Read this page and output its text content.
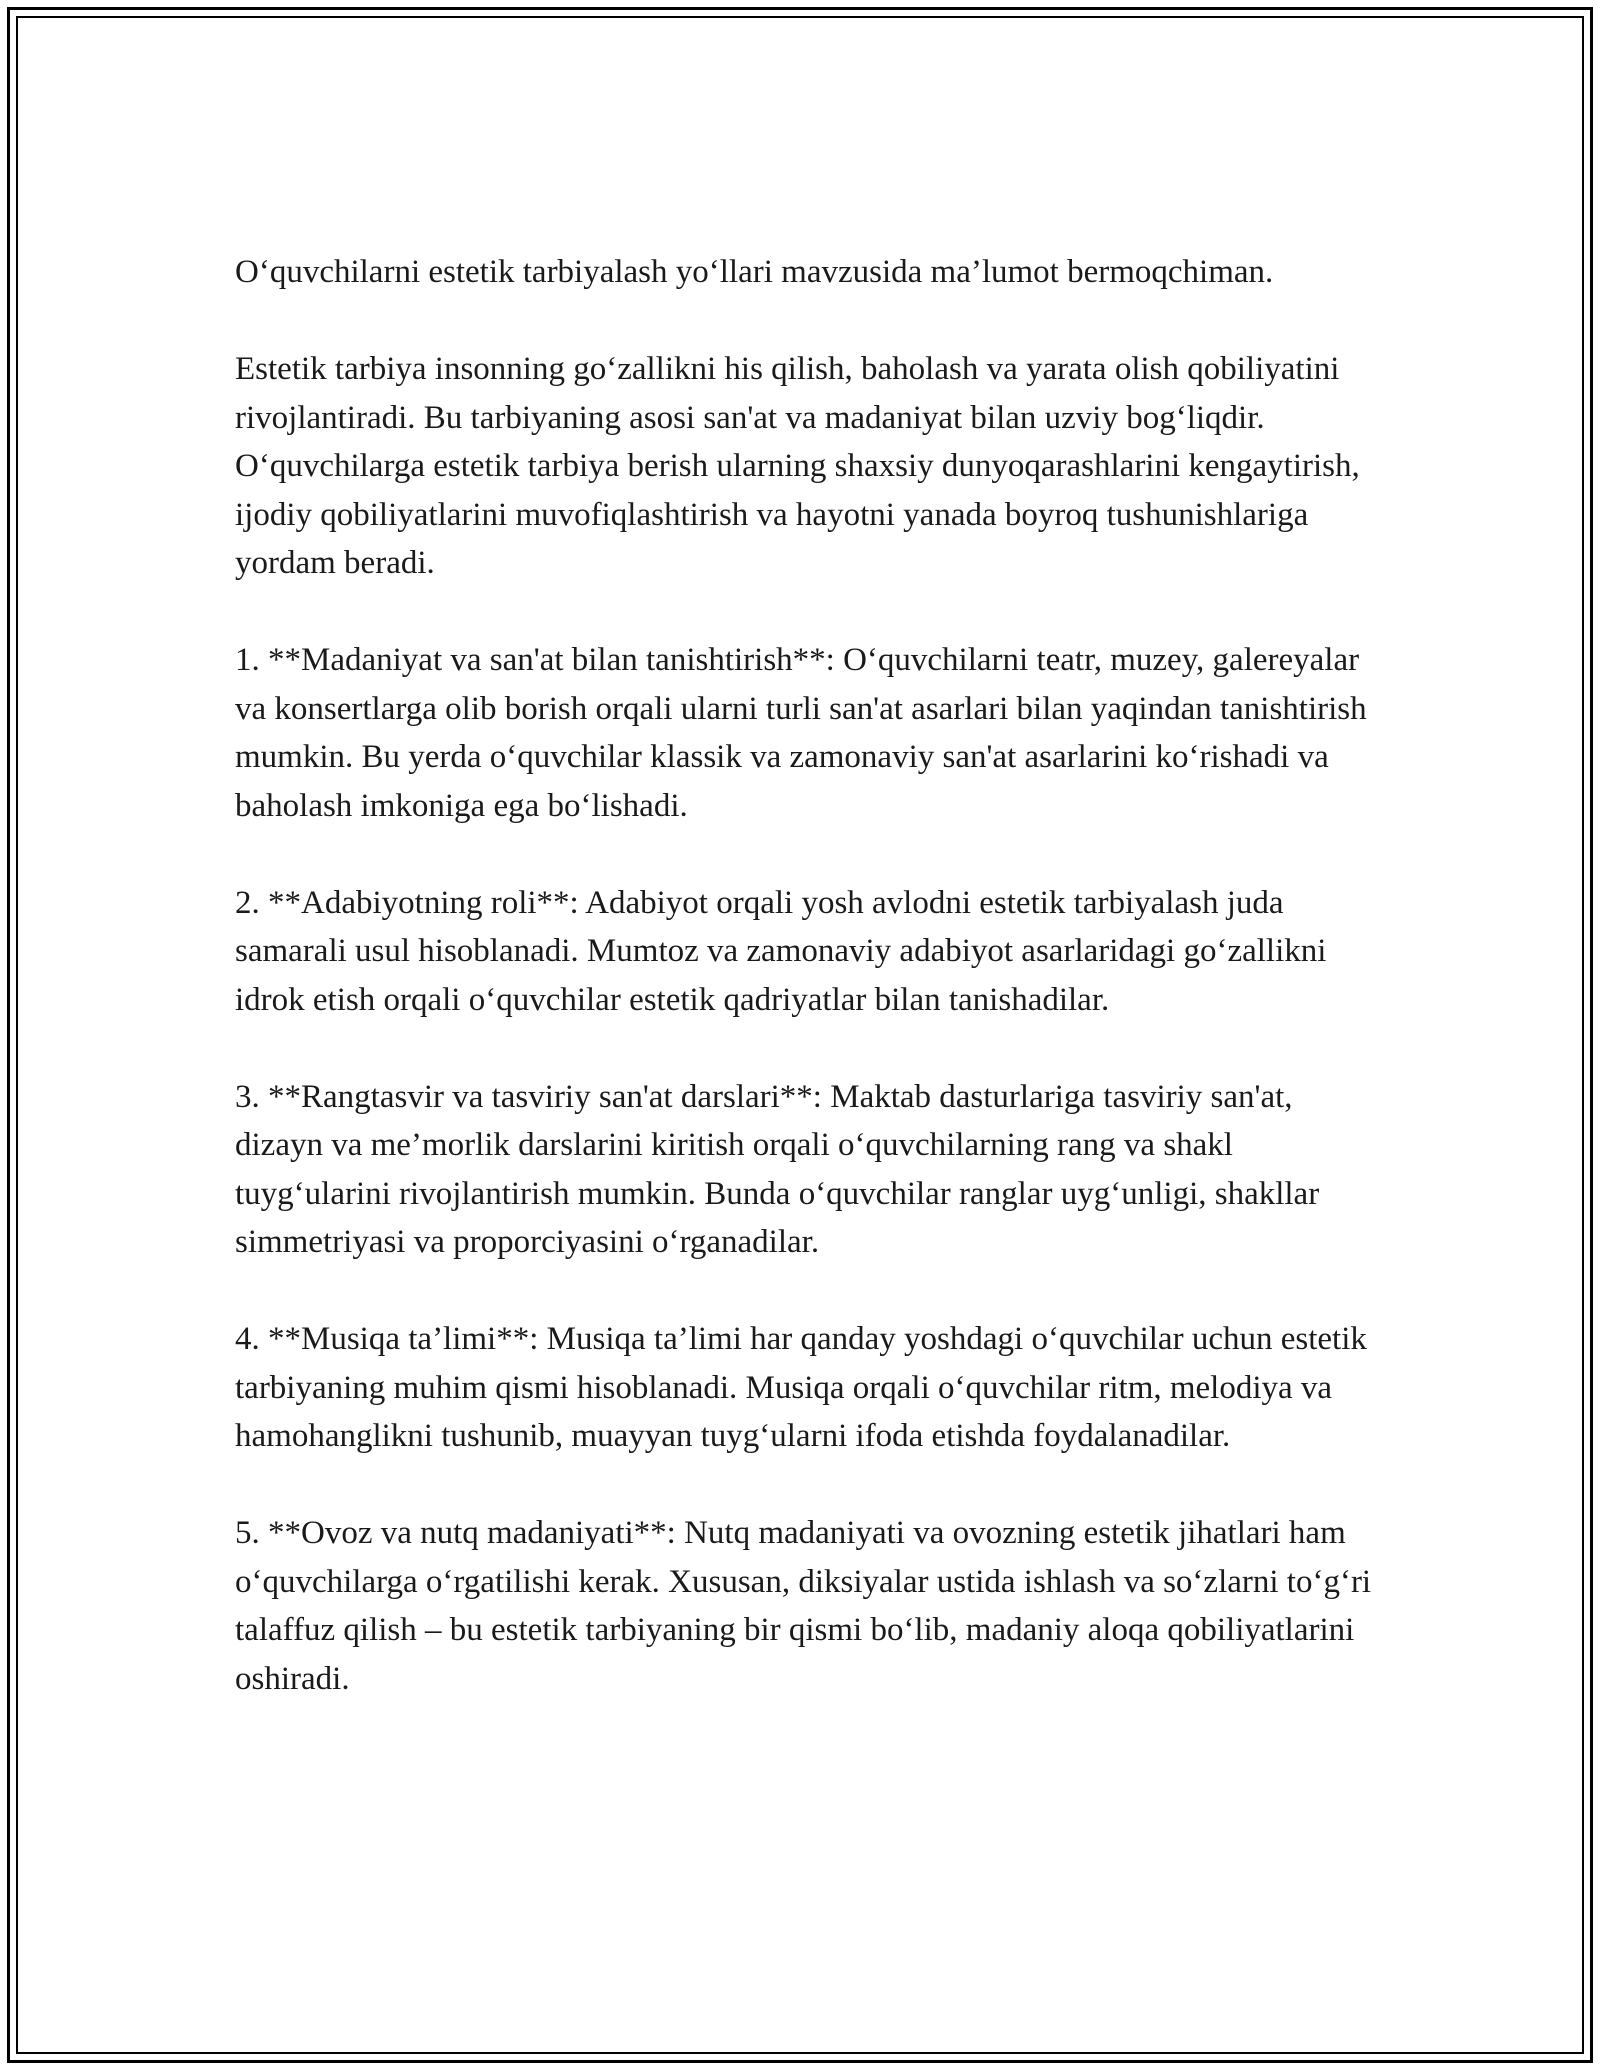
O‘quvchilarni estetik tarbiyalash yo‘llari mavzusida ma’lumot bermoqchiman.

Estetik tarbiya insonning go‘zallikni his qilish, baholash va yarata olish qobiliyatini rivojlantiradi. Bu tarbiyaning asosi san'at va madaniyat bilan uzviy bog‘liqdir. O‘quvchilarga estetik tarbiya berish ularning shaxsiy dunyoqarashlarini kengaytirish, ijodiy qobiliyatlarini muvofiqlashtirish va hayotni yanada boyroq tushunishlariga yordam beradi.

1. **Madaniyat va san'at bilan tanishtirish**: O‘quvchilarni teatr, muzey, galereyalar va konsertlarga olib borish orqali ularni turli san'at asarlari bilan yaqindan tanishtirish mumkin. Bu yerda o‘quvchilar klassik va zamonaviy san'at asarlarini ko‘rishadi va baholash imkoniga ega bo‘lishadi.

2. **Adabiyotning roli**: Adabiyot orqali yosh avlodni estetik tarbiyalash juda samarali usul hisoblanadi. Mumtoz va zamonaviy adabiyot asarlaridagi go‘zallikni idrok etish orqali o‘quvchilar estetik qadriyatlar bilan tanishadilar.

3. **Rangtasvir va tasviriy san'at darslari**: Maktab dasturlariga tasviriy san'at, dizayn va me’morlik darslarini kiritish orqali o‘quvchilarning rang va shakl tuyg‘ularini rivojlantirish mumkin. Bunda o‘quvchilar ranglar uyg‘unligi, shakllar simmetriyasi va proporciyasini o‘rganadilar.

4. **Musiqa ta’limi**: Musiqa ta’limi har qanday yoshdagi o‘quvchilar uchun estetik tarbiyaning muhim qismi hisoblanadi. Musiqa orqali o‘quvchilar ritm, melodiya va hamohanglikni tushunib, muayyan tuyg‘ularni ifoda etishda foydalanadilar.

5. **Ovoz va nutq madaniyati**: Nutq madaniyati va ovozning estetik jihatlari ham o‘quvchilarga o‘rgatilishi kerak. Xususan, diksiyalar ustida ishlash va so‘zlarni to‘g‘ri talaffuz qilish – bu estetik tarbiyaning bir qismi bo‘lib, madaniy aloqa qobiliyatlarini oshiradi.
